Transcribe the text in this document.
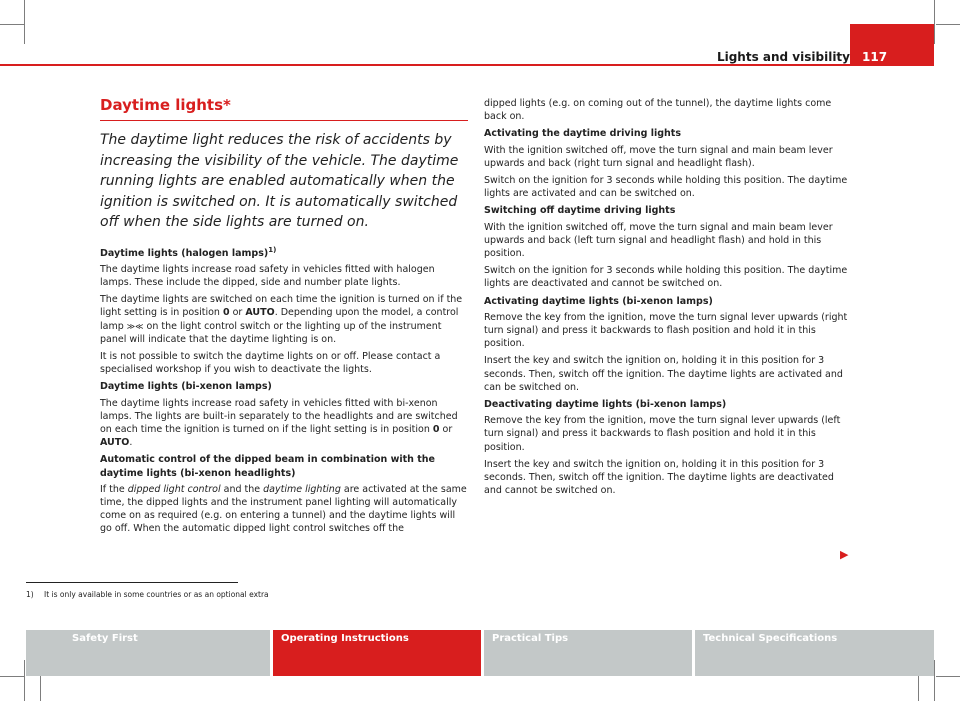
Lights and visibility 117
Daytime lights*
The daytime light reduces the risk of accidents by increasing the visibility of the vehicle. The daytime running lights are enabled automatically when the ignition is switched on. It is automatically switched off when the side lights are turned on.

Daytime lights (halogen lamps)$^{1)}$

The daytime lights increase road safety in vehicles fitted with halogen lamps. These include the dipped, side and number plate lights.

The daytime lights are switched on each time the ignition is turned on if the light setting is in position 0 or AUTO. Depending upon the model, a control lamp ≫≪ on the light control switch or the lighting up of the instrument panel will indicate that the daytime lighting is on.

It is not possible to switch the daytime lights on or off. Please contact a specialised workshop if you wish to deactivate the lights.

Daytime lights (bi-xenon lamps)

The daytime lights increase road safety in vehicles fitted with bi-xenon lamps. The lights are built-in separately to the headlights and are switched on each time the ignition is turned on if the light setting is in position 0 or AUTO.

Automatic control of the dipped beam in combination with the daytime lights (bi-xenon headlights)

If the dipped light control and the daytime lighting are activated at the same time, the dipped lights and the instrument panel lighting will automatically come on as required (e.g. on entering a tunnel) and the daytime lights will go off. When the automatic dipped light control switches off the

dipped lights (e.g. on coming out of the tunnel), the daytime lights come back on.

Activating the daytime driving lights

With the ignition switched off, move the turn signal and main beam lever upwards and back (right turn signal and headlight flash).

Switch on the ignition for 3 seconds while holding this position. The daytime lights are activated and can be switched on.

Switching off daytime driving lights

With the ignition switched off, move the turn signal and main beam lever upwards and back (left turn signal and headlight flash) and hold in this position.

Switch on the ignition for 3 seconds while holding this position. The daytime lights are deactivated and cannot be switched on.

Activating daytime lights (bi-xenon lamps)

Remove the key from the ignition, move the turn signal lever upwards (right turn signal) and press it backwards to flash position and hold it in this position.

Insert the key and switch the ignition on, holding it in this position for 3 seconds. Then, switch off the ignition. The daytime lights are activated and can be switched on.

Deactivating daytime lights (bi-xenon lamps)

Remove the key from the ignition, move the turn signal lever upwards (left turn signal) and press it backwards to flash position and hold it in this position.

Insert the key and switch the ignition on, holding it in this position for 3 seconds. Then, switch off the ignition. The daytime lights are deactivated and cannot be switched on.

▶
1) It is only available in some countries or as an optional extra
Safety First	Operating Instructions	Practical Tips	Technical Specifications
